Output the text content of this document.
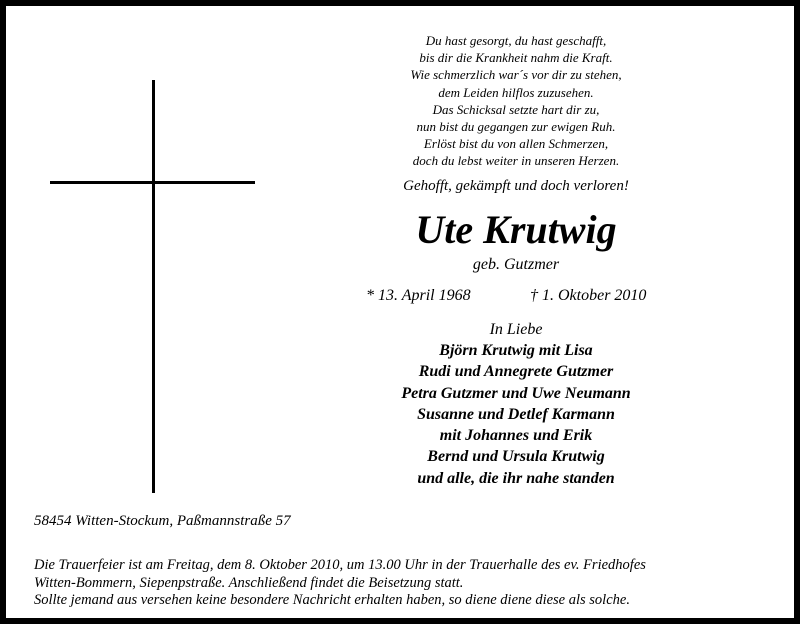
Du hast gesorgt, du hast geschafft,
bis dir die Krankheit nahm die Kraft.
Wie schmerzlich war´s vor dir zu stehen,
dem Leiden hilflos zuzusehen.
Das Schicksal setzte hart dir zu,
nun bist du gegangen zur ewigen Ruh.
Erlöst bist du von allen Schmerzen,
doch du lebst weiter in unseren Herzen.
Gehofft, gekämpft und doch verloren!
Ute Krutwig
geb. Gutzmer
* 13. April 1968	† 1. Oktober 2010
In Liebe
Björn Krutwig mit Lisa
Rudi und Annegrete Gutzmer
Petra Gutzmer und Uwe Neumann
Susanne und Detlef Karmann
mit Johannes und Erik
Bernd und Ursula Krutwig
und alle, die ihr nahe standen
58454 Witten-Stockum, Paßmannstraße 57
Die Trauerfeier ist am Freitag, dem 8. Oktober 2010, um 13.00 Uhr in der Trauerhalle des ev. Friedhofes
Witten-Bommern, Siepenpstraße. Anschließend findet die Beisetzung statt.
Sollte jemand aus versehen keine besondere Nachricht erhalten haben, so diene diene diese als solche.
